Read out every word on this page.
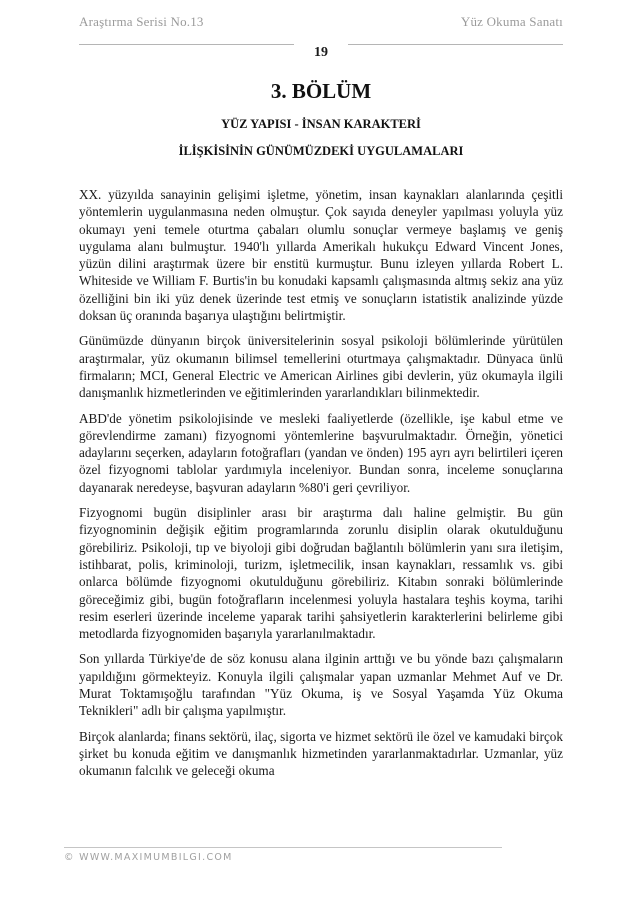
Araştırma Serisi No.13	Yüz Okuma Sanatı
19
3. BÖLÜM
YÜZ YAPISI - İNSAN KARAKTERİ
İLİŞKİSİNİN GÜNÜMÜZDEKİ UYGULAMALARI

XX. yüzyılda sanayinin gelişimi işletme, yönetim, insan kaynakları alanlarında çeşitli yöntemlerin uygulanmasına neden olmuştur. Çok sayıda deneyler yapılması yoluyla yüz okumayı yeni temele oturtma çabaları olumlu sonuçlar vermeye başlamış ve geniş uygulama alanı bulmuştur. 1940'lı yıllarda Amerikalı hukukçu Edward Vincent Jones, yüzün dilini araştırmak üzere bir enstitü kurmuştur. Bunu izleyen yıllarda Robert L. Whiteside ve William F. Burtis'in bu konudaki kapsamlı çalışmasında altmış sekiz ana yüz özelliğini bin iki yüz denek üzerinde test etmiş ve sonuçların istatistik analizinde yüzde doksan üç oranında başarıya ulaştığını belirtmiştir.

Günümüzde dünyanın birçok üniversitelerinin sosyal psikoloji bölümlerinde yürütülen araştırmalar, yüz okumanın bilimsel temellerini oturtmaya çalışmaktadır. Dünyaca ünlü firmaların; MCI, General Electric ve American Airlines gibi devlerin, yüz okumayla ilgili danışmanlık hizmetlerinden ve eğitimlerinden yararlandıkları bilinmektedir.

ABD'de yönetim psikolojisinde ve mesleki faaliyetlerde (özellikle, işe kabul etme ve görevlendirme zamanı) fizyognomi yöntemlerine başvurulmaktadır. Örneğin, yönetici adaylarını seçerken, adayların fotoğrafları (yandan ve önden) 195 ayrı ayrı belirtileri içeren özel fizyognomi tablolar yardımıyla inceleniyor. Bundan sonra, inceleme sonuçlarına dayanarak neredeyse, başvuran adayların %80'i geri çevriliyor.

Fizyognomi bugün disiplinler arası bir araştırma dalı haline gelmiştir. Bu gün fizyognominin değişik eğitim programlarında zorunlu disiplin olarak okutulduğunu görebiliriz. Psikoloji, tıp ve biyoloji gibi doğrudan bağlantılı bölümlerin yanı sıra iletişim, istihbarat, polis, kriminoloji, turizm, işletmecilik, insan kaynakları, ressamlık vs. gibi onlarca bölümde fizyognomi okutulduğunu görebiliriz. Kitabın sonraki bölümlerinde göreceğimiz gibi, bugün fotoğrafların incelenmesi yoluyla hastalara teşhis koyma, tarihi resim eserleri üzerinde inceleme yaparak tarihi şahsiyetlerin karakterlerini belirleme gibi metodlarda fizyognomiden başarıyla yararlanılmaktadır.

Son yıllarda Türkiye'de de söz konusu alana ilginin arttığı ve bu yönde bazı çalışmaların yapıldığını görmekteyiz. Konuyla ilgili çalışmalar yapan uzmanlar Mehmet Auf ve Dr. Murat Toktamışoğlu tarafından "Yüz Okuma, iş ve Sosyal Yaşamda Yüz Okuma Teknikleri" adlı bir çalışma yapılmıştır.

Birçok alanlarda; finans sektörü, ilaç, sigorta ve hizmet sektörü ile özel ve kamudaki birçok şirket bu konuda eğitim ve danışmanlık hizmetinden yararlanmaktadırlar. Uzmanlar, yüz okumanın falcılık ve geleceği okuma

© WWW.MAXIMUMBILGI.COM
